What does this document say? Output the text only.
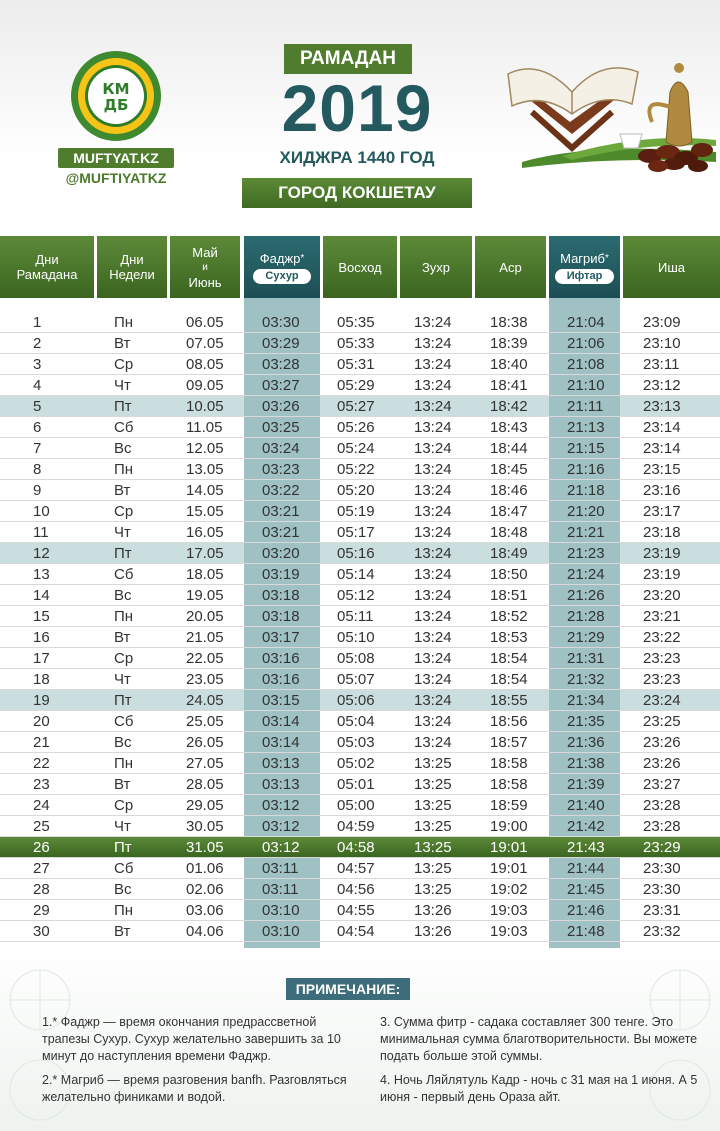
КМ
ДБ
MUFTYAT.KZ
@MUFTIYATKZ
РАМАДАН
2019
ХИДЖРА 1440 ГОД
ГОРОД КОКШЕТАУ
Дни
Рамадана
Дни
Недели
Май
и
Июнь
Фаджр*
Сухур
Восход	Зухр	Аср
Магриб*
Ифтар
Иша
1	Пн	06.05	03:30 05:35	13:24	18:38	21:04	23:09
2	Вт	07.05	03:29 05:33	13:24	18:39	21:06	23:10
3	Ср	08.05	03:28 05:31	13:24	18:40	21:08	23:11
4	Чт	09.05	03:27 05:29	13:24	18:41	21:10	23:12
5	Пт	10.05	03:26 05:27	13:24	18:42	21:11	23:13
6	Сб	11.05	03:25 05:26	13:24	18:43	21:13	23:14
7	Вс	12.05	03:24 05:24	13:24	18:44	21:15	23:14
8	Пн	13.05	03:23 05:22	13:24	18:45	21:16	23:15
9	Вт	14.05	03:22 05:20	13:24	18:46	21:18	23:16
10	Ср	15.05	03:21 05:19	13:24	18:47	21:20	23:17
11	Чт	16.05	03:21 05:17	13:24	18:48	21:21	23:18
12	Пт	17.05	03:20 05:16	13:24	18:49	21:23	23:19
13	Сб	18.05	03:19 05:14	13:24	18:50	21:24	23:19
14	Вс	19.05	03:18 05:12	13:24	18:51	21:26	23:20
15	Пн	20.05	03:18 05:11	13:24	18:52	21:28	23:21
16	Вт	21.05	03:17 05:10	13:24	18:53	21:29	23:22
17	Ср	22.05	03:16 05:08	13:24	18:54	21:31	23:23
18	Чт	23.05	03:16 05:07	13:24	18:54	21:32	23:23
19	Пт	24.05	03:15 05:06	13:24	18:55	21:34	23:24
20	Сб	25.05	03:14 05:04	13:24	18:56	21:35	23:25
21	Вс	26.05	03:14 05:03	13:24	18:57	21:36	23:26
22	Пн	27.05	03:13 05:02	13:25	18:58	21:38	23:26
23	Вт	28.05	03:13 05:01	13:25	18:58	21:39	23:27
24	Ср	29.05	03:12 05:00	13:25	18:59	21:40	23:28
25	Чт	30.05	03:12 04:59	13:25	19:00	21:42	23:28
26	Пт	31.05	03:12 04:58	13:25	19:01	21:43	23:29
27	Сб	01.06	03:11	04:57	13:25	19:01	21:44	23:30
28	Вс	02.06	03:11	04:56	13:25	19:02	21:45	23:30
29	Пн	03.06	03:10 04:55	13:26	19:03	21:46	23:31
30	Вт	04.06	03:10 04:54	13:26	19:03	21:48	23:32
ПРИМЕЧАНИЕ:
1.* Фаджр — время окончания предрассветной трапезы Сухур. Сухур желательно завершить за 10 минут до наступления времени Фаджр.
2.* Магриб — время разговения banfh. Разговляться желательно финиками и водой.
3. Сумма фитр - садака составляет 300 тенге. Это минимальная сумма благотворительности. Вы можете подать больше этой суммы.
4. Ночь Ляйлятуль Кадр - ночь с 31 мая на 1 июня. А 5 июня - первый день Ораза айт.
